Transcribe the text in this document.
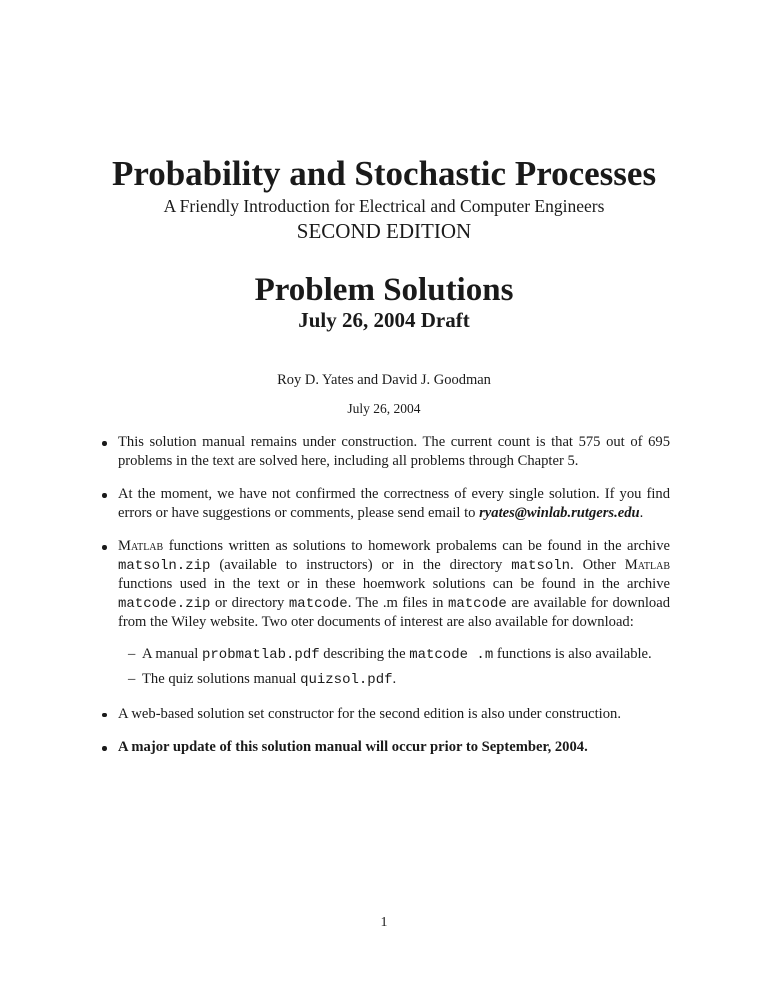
Probability and Stochastic Processes
A Friendly Introduction for Electrical and Computer Engineers
SECOND EDITION
Problem Solutions
July 26, 2004 Draft
Roy D. Yates and David J. Goodman
July 26, 2004
This solution manual remains under construction. The current count is that 575 out of 695 problems in the text are solved here, including all problems through Chapter 5.
At the moment, we have not confirmed the correctness of every single solution. If you find errors or have suggestions or comments, please send email to ryates@winlab.rutgers.edu.
Matlab functions written as solutions to homework probalems can be found in the archive matsoln.zip (available to instructors) or in the directory matsoln. Other Matlab functions used in the text or in these hoemwork solutions can be found in the archive matcode.zip or directory matcode. The .m files in matcode are available for download from the Wiley website. Two oter documents of interest are also available for download:
– A manual probmatlab.pdf describing the matcode .m functions is also available.
– The quiz solutions manual quizsol.pdf.
A web-based solution set constructor for the second edition is also under construction.
A major update of this solution manual will occur prior to September, 2004.
1
